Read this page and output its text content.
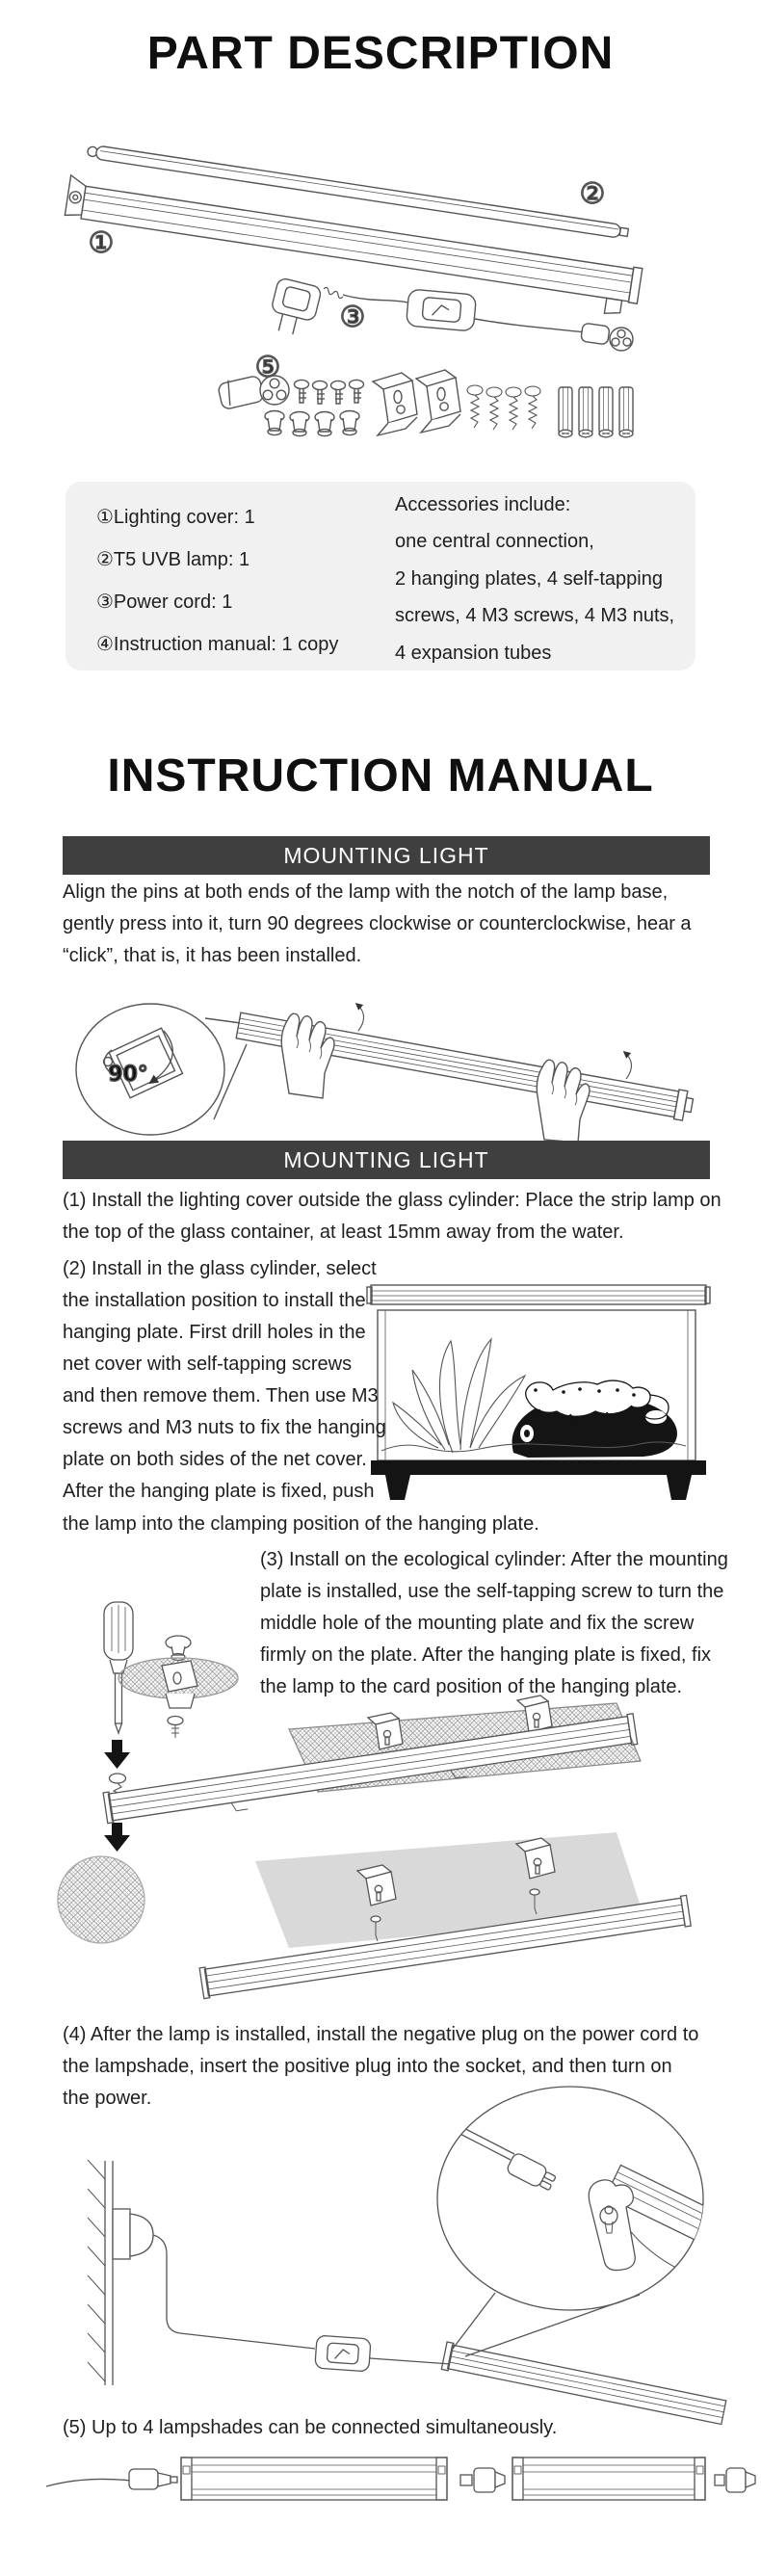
①
②
③
⑤
90°
PART DESCRIPTION
①Lighting cover: 1
②T5 UVB lamp: 1
③Power cord: 1
④Instruction manual: 1 copy
Accessories include:
one central connection,
2 hanging plates, 4 self-tapping
screws, 4 M3 screws, 4 M3 nuts,
4 expansion tubes
INSTRUCTION MANUAL
MOUNTING LIGHT
Align the pins at both ends of the lamp with the notch of the lamp base,
gently press into it, turn 90 degrees clockwise or counterclockwise, hear a
“click”, that is, it has been installed.
MOUNTING LIGHT
(1) Install the lighting cover outside the glass cylinder: Place the strip lamp on
the top of the glass container, at least 15mm away from the water.
(2) Install in the glass cylinder, select
the installation position to install the
hanging plate. First drill holes in the
net cover with self-tapping screws
and then remove them. Then use M3
screws and M3 nuts to fix the hanging
plate on both sides of the net cover.
After the hanging plate is fixed, push
the lamp into the clamping position of the hanging plate.
(3) Install on the ecological cylinder: After the mounting
plate is installed, use the self-tapping screw to turn the
middle hole of the mounting plate and fix the screw
firmly on the plate. After the hanging plate is fixed, fix
the lamp to the card position of the hanging plate.
(4) After the lamp is installed, install the negative plug on the power cord to
the lampshade, insert the positive plug into the socket, and then turn on
the power.
(5) Up to 4 lampshades can be connected simultaneously.
